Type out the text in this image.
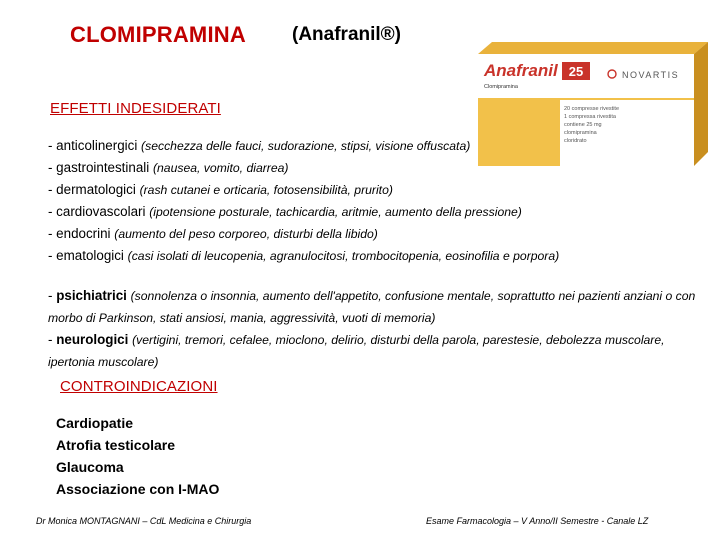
CLOMIPRAMINA (Anafranil®)
Anafranil 25
Clomipramina
NOVARTIS
20 compresse rivestite
1 compressa rivestita
contiene 25 mg
clomipramina
cloridrato
EFFETTI INDESIDERATI
- anticolinergici (secchezza delle fauci, sudorazione, stipsi, visione offuscata)
- gastrointestinali (nausea, vomito, diarrea)
- dermatologici (rash cutanei e orticaria, fotosensibilità, prurito)
- cardiovascolari (ipotensione posturale, tachicardia, aritmie, aumento della pressione)
- endocrini (aumento del peso corporeo, disturbi della libido)
- ematologici (casi isolati di leucopenia, agranulocitosi, trombocitopenia, eosinofilia e porpora)

- psichiatrici (sonnolenza o insonnia, aumento dell'appetito, confusione mentale, soprattutto nei pazienti anziani o con morbo di Parkinson, stati ansiosi, mania, aggressività, vuoti di memoria)

- neurologici (vertigini, tremori, cefalee, mioclono, delirio, disturbi della parola, parestesie, debolezza muscolare, ipertonia muscolare)

CONTROINDICAZIONI
Cardiopatie
Atrofia testicolare
Glaucoma
Associazione con I-MAO
Dr Monica MONTAGNANI – CdL Medicina e Chirurgia	Esame Farmacologia – V Anno/II Semestre - Canale LZ
